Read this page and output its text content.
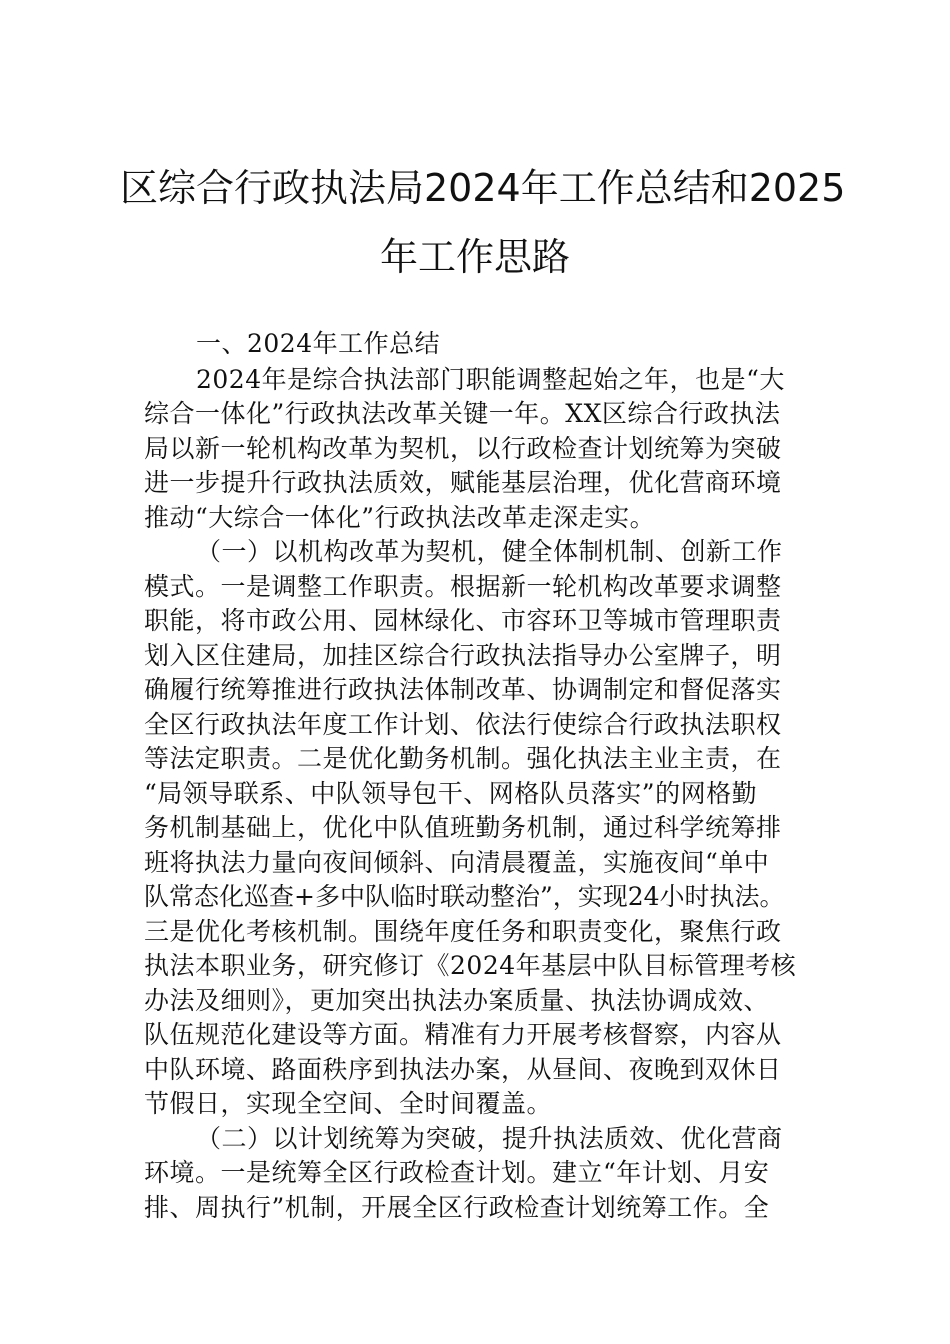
区综合行政执法局2024年工作总结和2025
年工作思路
一、2024年工作总结
2024年是综合执法部门职能调整起始之年，也是“大
综合一体化”行政执法改革关键一年。XX区综合行政执法
局以新一轮机构改革为契机，以行政检查计划统筹为突破
进一步提升行政执法质效，赋能基层治理，优化营商环境
推动“大综合一体化”行政执法改革走深走实。
（一）以机构改革为契机，健全体制机制、创新工作
模式。一是调整工作职责。根据新一轮机构改革要求调整
职能，将市政公用、园林绿化、市容环卫等城市管理职责
划入区住建局，加挂区综合行政执法指导办公室牌子，明
确履行统筹推进行政执法体制改革、协调制定和督促落实
全区行政执法年度工作计划、依法行使综合行政执法职权
等法定职责。二是优化勤务机制。强化执法主业主责，在
“局领导联系、中队领导包干、网格队员落实”的网格勤
务机制基础上，优化中队值班勤务机制，通过科学统筹排
班将执法力量向夜间倾斜、向清晨覆盖，实施夜间“单中
队常态化巡查+多中队临时联动整治”，实现24小时执法。
三是优化考核机制。围绕年度任务和职责变化，聚焦行政
执法本职业务，研究修订《2024年基层中队目标管理考核
办法及细则》，更加突出执法办案质量、执法协调成效、
队伍规范化建设等方面。精准有力开展考核督察，内容从
中队环境、路面秩序到执法办案，从昼间、夜晚到双休日
节假日，实现全空间、全时间覆盖。
（二）以计划统筹为突破，提升执法质效、优化营商
环境。一是统筹全区行政检查计划。建立“年计划、月安
排、周执行”机制，开展全区行政检查计划统筹工作。全
